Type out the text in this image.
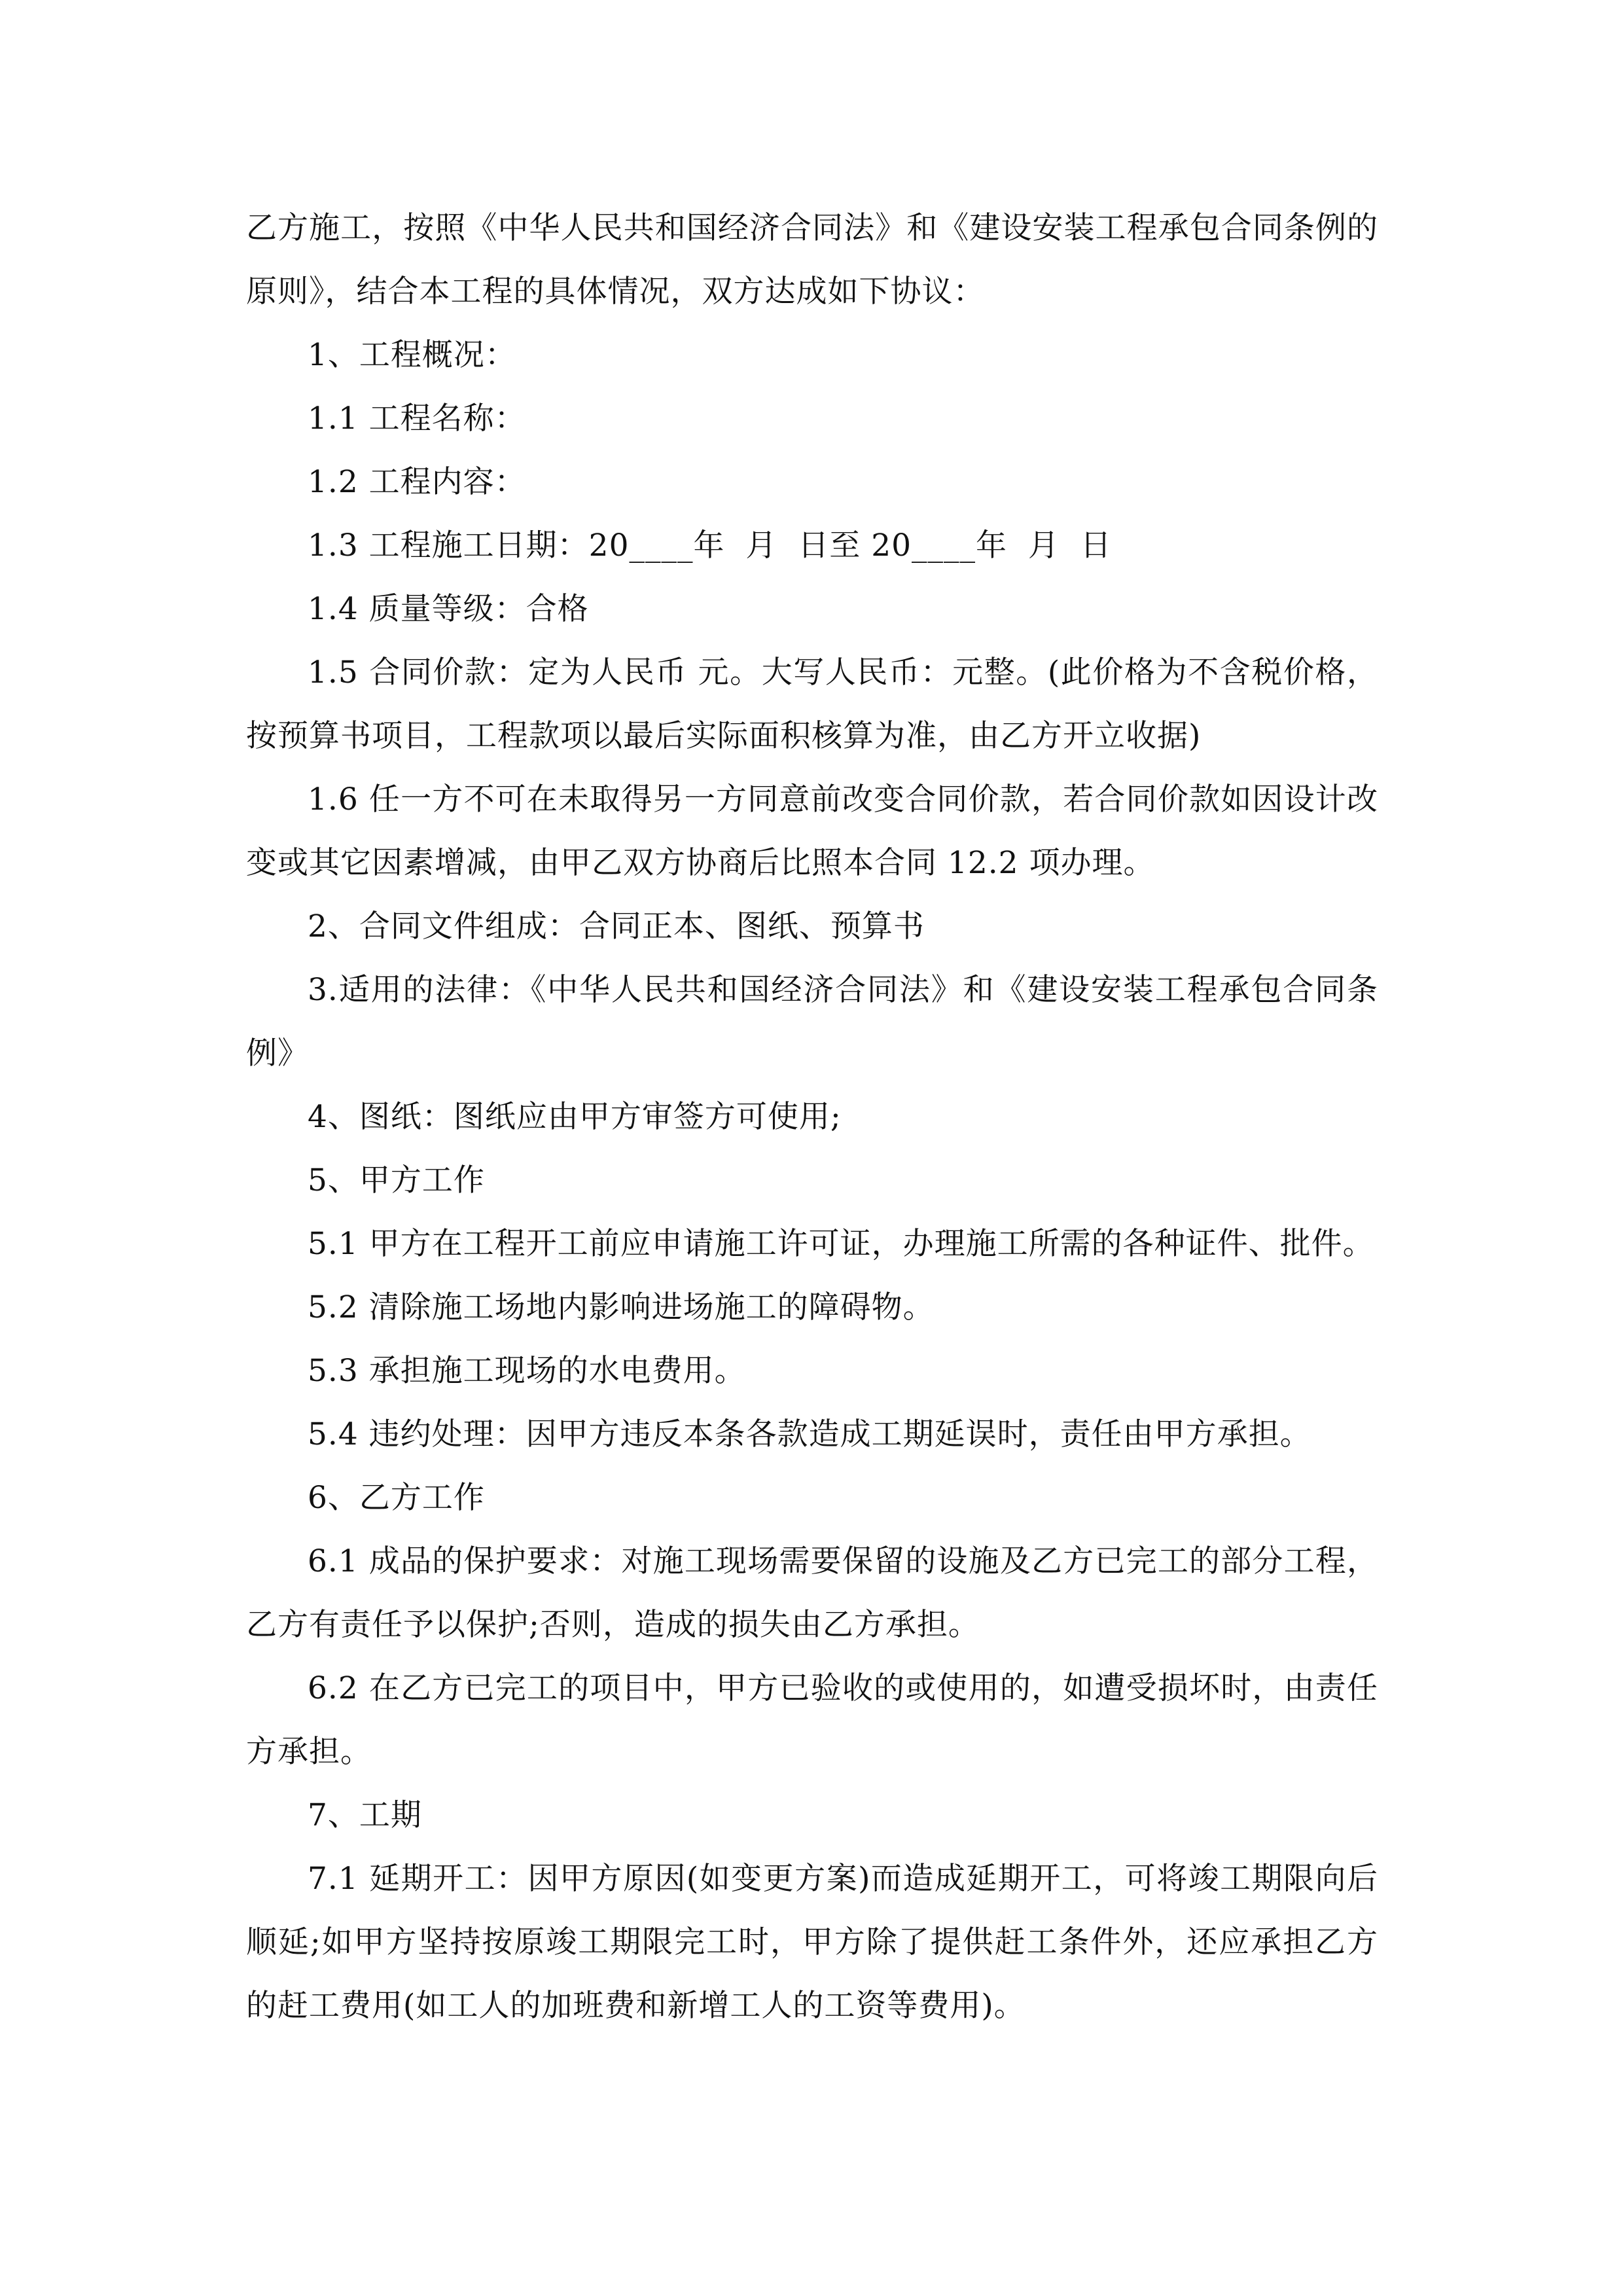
乙方施工，按照《中华人民共和国经济合同法》和《建设安装工程承包合同条例的原则》，结合本工程的具体情况，双方达成如下协议：

1、工程概况：

1.1 工程名称：

1.2 工程内容：

1.3 工程施工日期：20____年  月  日至 20____年  月  日

1.4 质量等级：合格

1.5 合同价款：定为人民币 元。大写人民币：元整。(此价格为不含税价格，按预算书项目，工程款项以最后实际面积核算为准，由乙方开立收据)

1.6 任一方不可在未取得另一方同意前改变合同价款，若合同价款如因设计改变或其它因素增减，由甲乙双方协商后比照本合同 12.2 项办理。

2、合同文件组成：合同正本、图纸、预算书

3.适用的法律：《中华人民共和国经济合同法》和《建设安装工程承包合同条例》

4、图纸：图纸应由甲方审签方可使用;

5、甲方工作

5.1 甲方在工程开工前应申请施工许可证，办理施工所需的各种证件、批件。

5.2 清除施工场地内影响进场施工的障碍物。

5.3 承担施工现场的水电费用。

5.4 违约处理：因甲方违反本条各款造成工期延误时，责任由甲方承担。

6、乙方工作

6.1 成品的保护要求：对施工现场需要保留的设施及乙方已完工的部分工程，乙方有责任予以保护;否则，造成的损失由乙方承担。

6.2 在乙方已完工的项目中，甲方已验收的或使用的，如遭受损坏时，由责任方承担。

7、工期

7.1 延期开工：因甲方原因(如变更方案)而造成延期开工，可将竣工期限向后顺延;如甲方坚持按原竣工期限完工时，甲方除了提供赶工条件外，还应承担乙方的赶工费用(如工人的加班费和新增工人的工资等费用)。
